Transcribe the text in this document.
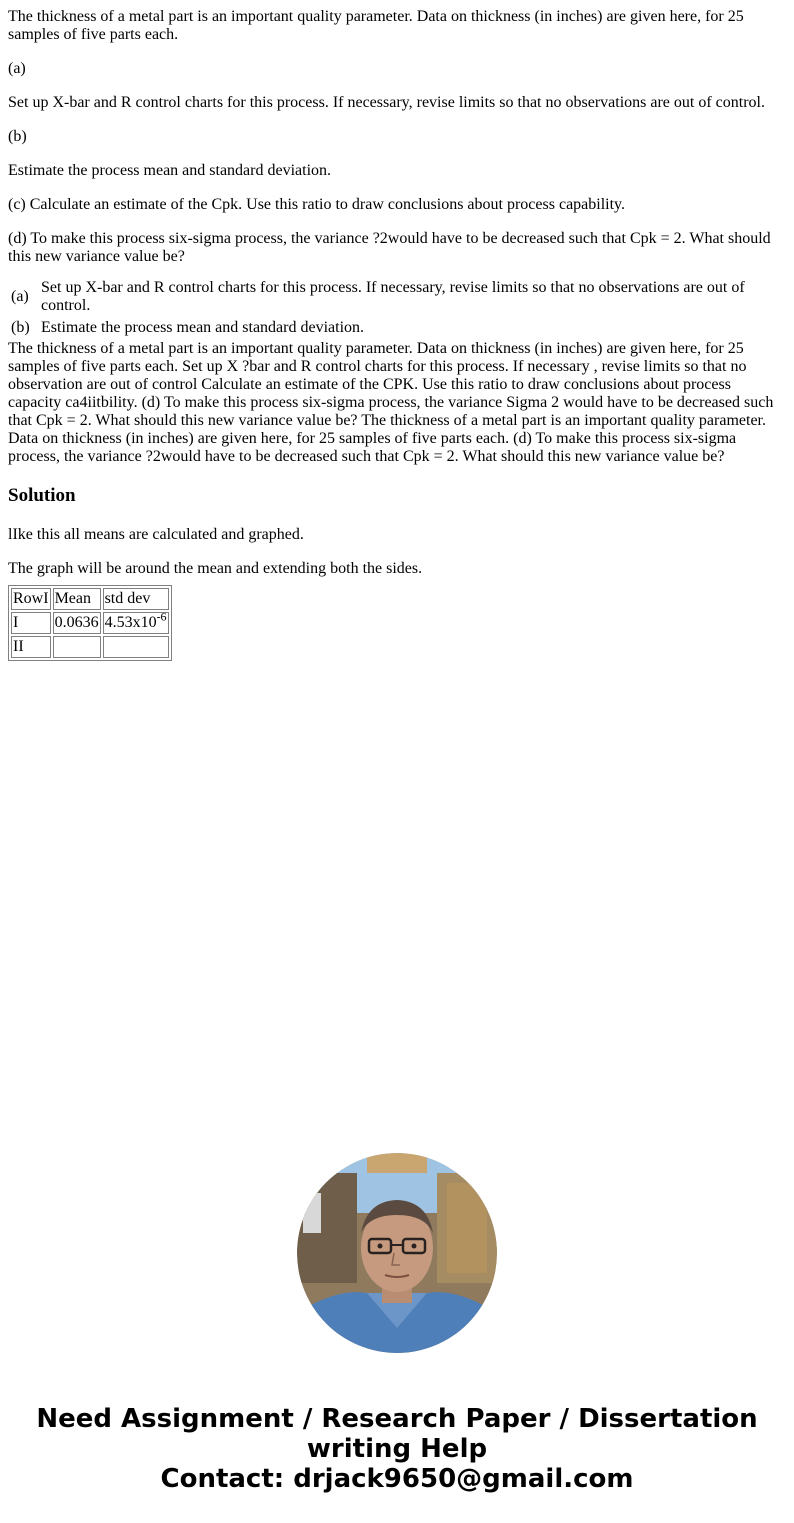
The thickness of a metal part is an important quality parameter. Data on thickness (in inches) are given here, for 25 samples of five parts each.

(a)

Set up X-bar and R control charts for this process. If necessary, revise limits so that no observations are out of control.

(b)

Estimate the process mean and standard deviation.

(c) Calculate an estimate of the Cpk. Use this ratio to draw conclusions about process capability.

(d) To make this process six-sigma process, the variance ?2would have to be decreased such that Cpk = 2. What should this new variance value be?

(a)	Set up X-bar and R control charts for this process. If necessary, revise limits so that no observations are out of control.
(b)	Estimate the process mean and standard deviation.

The thickness of a metal part is an important quality parameter. Data on thickness (in inches) are given here, for 25 samples of five parts each. Set up X ?bar and R control charts for this process. If necessary , revise limits so that no observation are out of control Calculate an estimate of the CPK. Use this ratio to draw conclusions about process capacity ca4iitbility. (d) To make this process six-sigma process, the variance Sigma 2 would have to be decreased such that Cpk = 2. What should this new variance value be? The thickness of a metal part is an important quality parameter. Data on thickness (in inches) are given here, for 25 samples of five parts each. (d) To make this process six-sigma process, the variance ?2would have to be decreased such that Cpk = 2. What should this new variance value be?

Solution

lIke this all means are calculated and graphed.

The graph will be around the mean and extending both the sides.

RowI	Mean	std dev
I	0.0636	$4.53x10^{-6}$
II		
Need Assignment / Research Paper / Dissertation
writing Help
Contact: drjack9650@gmail.com
